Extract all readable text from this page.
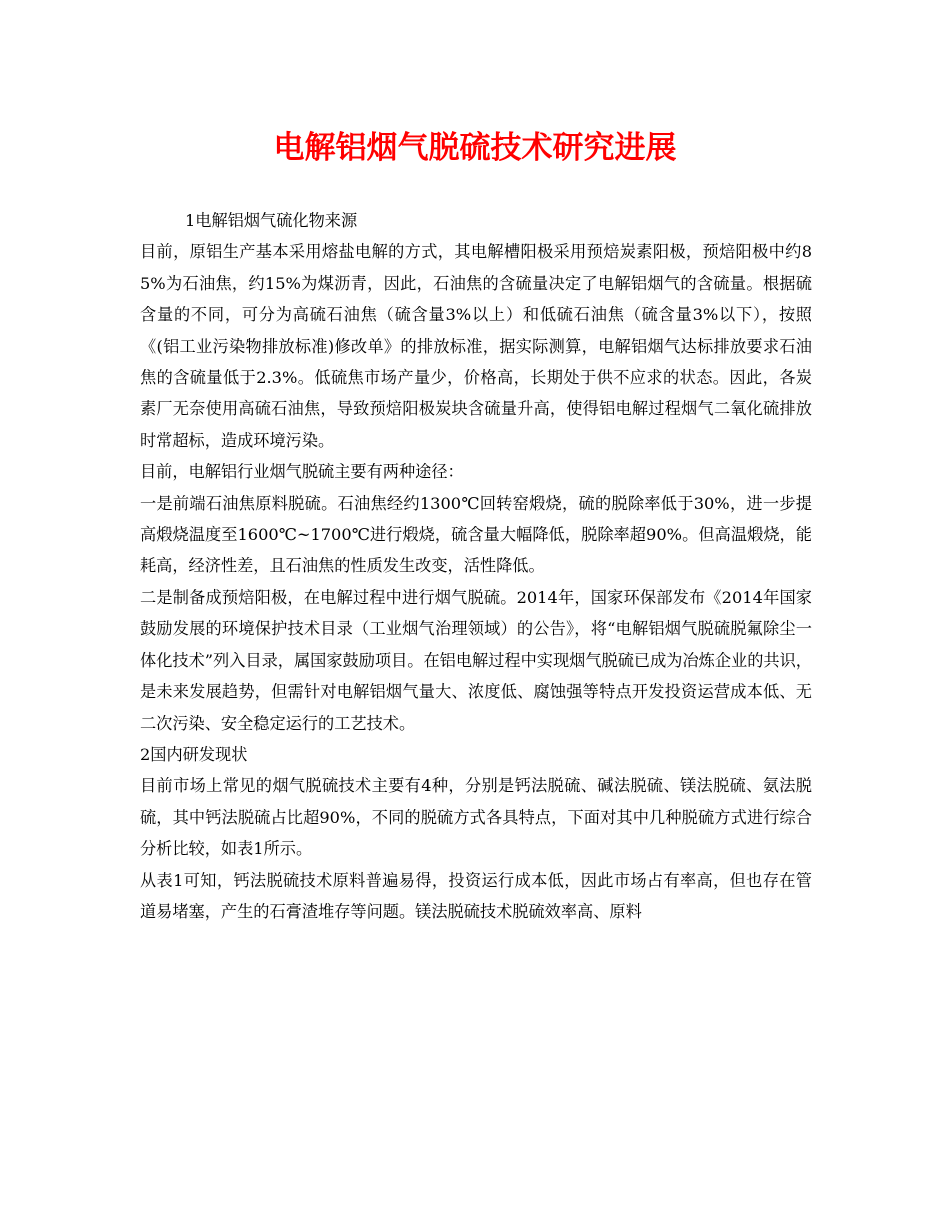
电解铝烟气脱硫技术研究进展

1电解铝烟气硫化物来源

目前，原铝生产基本采用熔盐电解的方式，其电解槽阳极采用预焙炭素阳极，预焙阳极中约85%为石油焦，约15%为煤沥青，因此，石油焦的含硫量决定了电解铝烟气的含硫量。根据硫含量的不同，可分为高硫石油焦（硫含量3%以上）和低硫石油焦（硫含量3%以下），按照《(铝工业污染物排放标准)修改单》的排放标准，据实际测算，电解铝烟气达标排放要求石油焦的含硫量低于2.3%。低硫焦市场产量少，价格高，长期处于供不应求的状态。因此，各炭素厂无奈使用高硫石油焦，导致预焙阳极炭块含硫量升高，使得铝电解过程烟气二氧化硫排放时常超标，造成环境污染。

目前，电解铝行业烟气脱硫主要有两种途径：

一是前端石油焦原料脱硫。石油焦经约1300℃回转窑煅烧，硫的脱除率低于30%，进一步提高煅烧温度至1600℃~1700℃进行煅烧，硫含量大幅降低，脱除率超90%。但高温煅烧，能耗高，经济性差，且石油焦的性质发生改变，活性降低。

二是制备成预焙阳极，在电解过程中进行烟气脱硫。2014年，国家环保部发布《2014年国家鼓励发展的环境保护技术目录（工业烟气治理领域）的公告》，将“电解铝烟气脱硫脱氟除尘一体化技术”列入目录，属国家鼓励项目。在铝电解过程中实现烟气脱硫已成为冶炼企业的共识，是未来发展趋势，但需针对电解铝烟气量大、浓度低、腐蚀强等特点开发投资运营成本低、无二次污染、安全稳定运行的工艺技术。

2国内研发现状

目前市场上常见的烟气脱硫技术主要有4种，分别是钙法脱硫、碱法脱硫、镁法脱硫、氨法脱硫，其中钙法脱硫占比超90%，不同的脱硫方式各具特点，下面对其中几种脱硫方式进行综合分析比较，如表1所示。

从表1可知，钙法脱硫技术原料普遍易得，投资运行成本低，因此市场占有率高，但也存在管道易堵塞，产生的石膏渣堆存等问题。镁法脱硫技术脱硫效率高、原料
